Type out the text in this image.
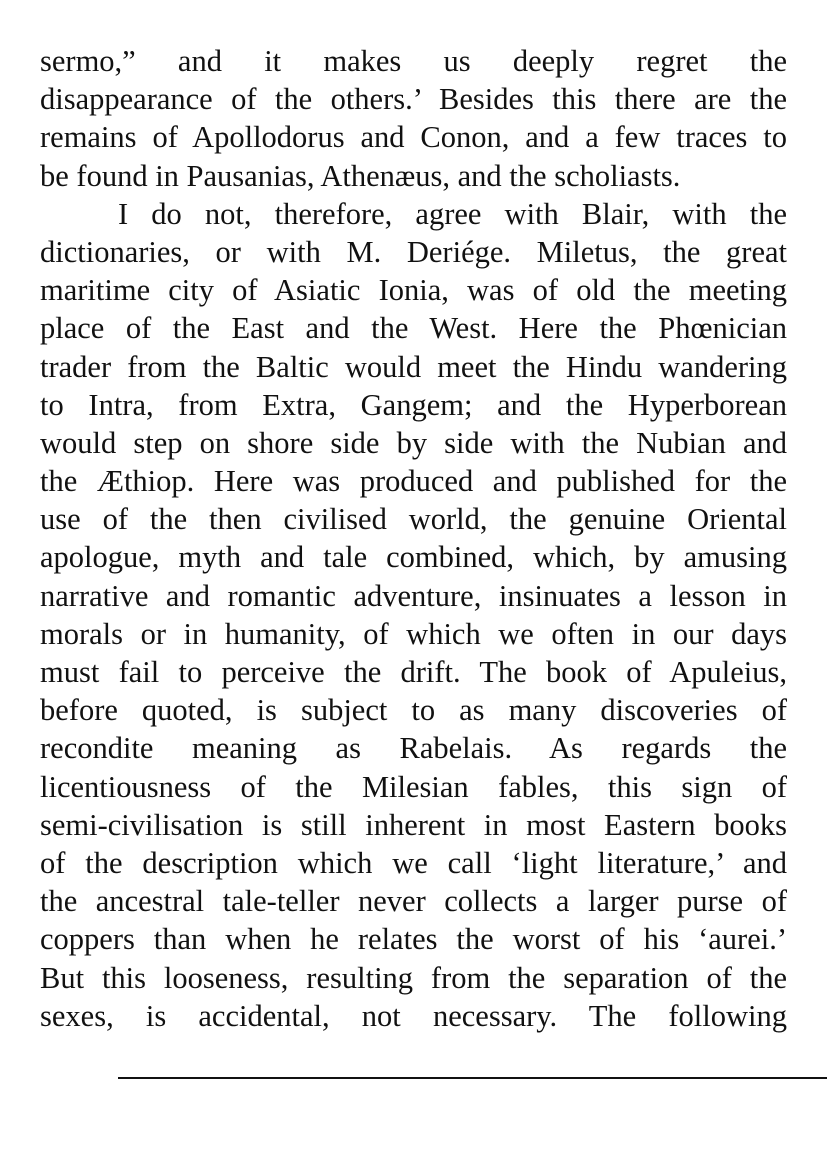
sermo,” and it makes us deeply regret the
disappearance of the others.’ Besides this there are the
remains of Apollodorus and Conon, and a few traces to
be found in Pausanias, Athenæus, and the scholiasts.
I do not, therefore, agree with Blair, with the
dictionaries, or with M. Deriége. Miletus, the great
maritime city of Asiatic Ionia, was of old the meeting
place of the East and the West. Here the Phœnician
trader from the Baltic would meet the Hindu wandering
to Intra, from Extra, Gangem; and the Hyperborean
would step on shore side by side with the Nubian and
the Æthiop. Here was produced and published for the
use of the then civilised world, the genuine Oriental
apologue, myth and tale combined, which, by amusing
narrative and romantic adventure, insinuates a lesson in
morals or in humanity, of which we often in our days
must fail to perceive the drift. The book of Apuleius,
before quoted, is subject to as many discoveries of
recondite meaning as Rabelais. As regards the
licentiousness of the Milesian fables, this sign of
semi-civilisation is still inherent in most Eastern books
of the description which we call ‘light literature,’ and
the ancestral tale-teller never collects a larger purse of
coppers than when he relates the worst of his ‘aurei.’
But this looseness, resulting from the separation of the
sexes, is accidental, not necessary. The following
